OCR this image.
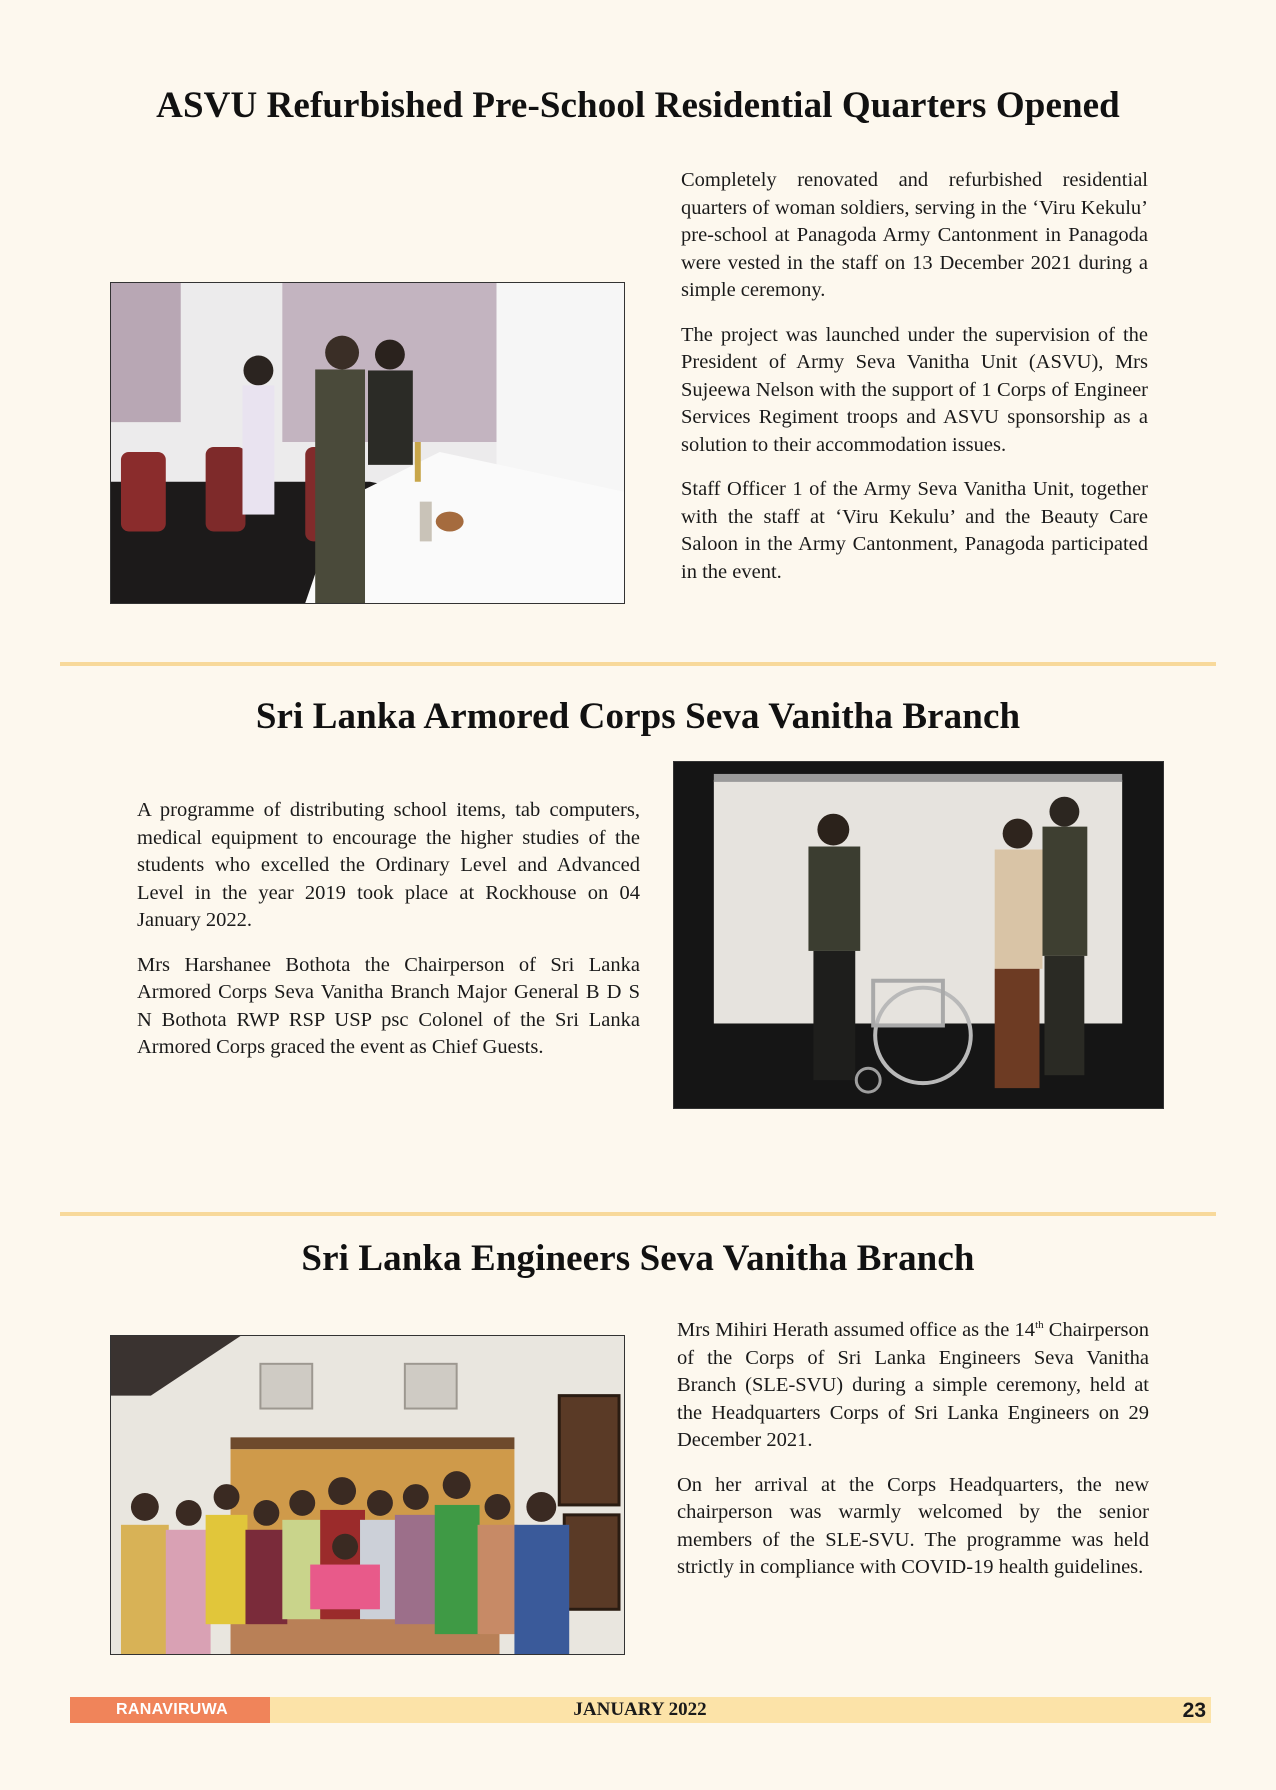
ASVU Refurbished Pre-School Residential Quarters Opened

Completely renovated and refurbished residential quarters of woman soldiers, serving in the ‘Viru Kekulu’ pre-school at Panagoda Army Cantonment in Panagoda were vested in the staff on 13 December 2021 during a simple ceremony.

The project was launched under the supervision of the President of Army Seva Vanitha Unit (ASVU), Mrs Sujeewa Nelson with the support of 1 Corps of Engineer Services Regiment troops and ASVU sponsorship as a solution to their accommodation issues.

Staff Officer 1 of the Army Seva Vanitha Unit, together with the staff at ‘Viru Kekulu’ and the Beauty Care Saloon in the Army Cantonment, Panagoda participated in the event.

Sri Lanka Armored Corps Seva Vanitha Branch

A programme of distributing school items, tab computers, medical equipment to encourage the higher studies of the students who excelled the Ordinary Level and Advanced Level in the year 2019 took place at Rockhouse on 04 January 2022.

Mrs Harshanee Bothota the Chairperson of Sri Lanka Armored Corps Seva Vanitha Branch Major General B D S N Bothota RWP RSP USP psc Colonel of the Sri Lanka Armored Corps graced the event as Chief Guests.

Sri Lanka Engineers Seva Vanitha Branch

Mrs Mihiri Herath assumed office as the 14th Chairperson of the Corps of Sri Lanka Engineers Seva Vanitha Branch (SLE-SVU) during a simple ceremony, held at the Headquarters Corps of Sri Lanka Engineers on 29 December 2021.

On her arrival at the Corps Headquarters, the new chairperson was warmly welcomed by the senior members of the SLE-SVU. The programme was held strictly in compliance with COVID-19 health guidelines.

RANAVIRUWA	JANUARY 2022	23
